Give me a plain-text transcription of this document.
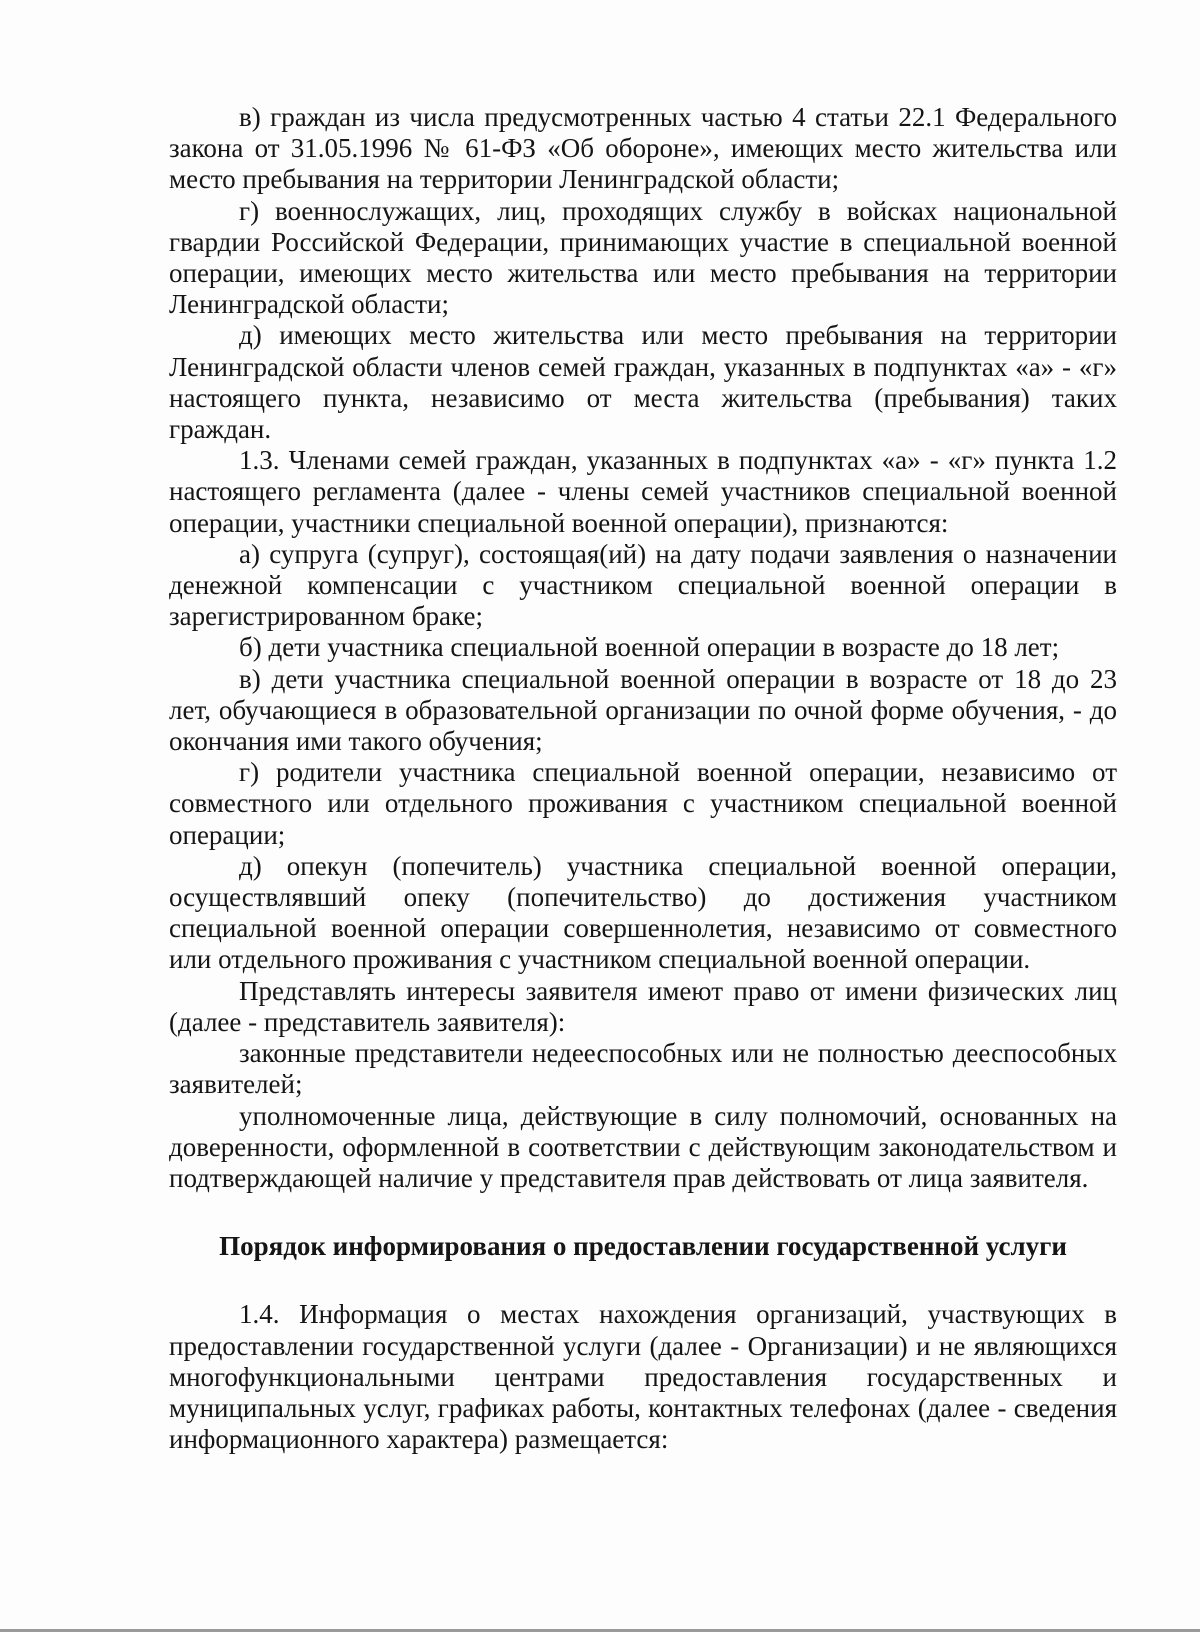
в) граждан из числа предусмотренных частью 4 статьи 22.1 Федерального закона от 31.05.1996 № 61-ФЗ «Об обороне», имеющих место жительства или место пребывания на территории Ленинградской области;

г) военнослужащих, лиц, проходящих службу в войсках национальной гвардии Российской Федерации, принимающих участие в специальной военной операции, имеющих место жительства или место пребывания на территории Ленинградской области;

д) имеющих место жительства или место пребывания на территории Ленинградской области членов семей граждан, указанных в подпунктах «а» - «г» настоящего пункта, независимо от места жительства (пребывания) таких граждан.

1.3. Членами семей граждан, указанных в подпунктах «а» - «г» пункта 1.2 настоящего регламента (далее - члены семей участников специальной военной операции, участники специальной военной операции), признаются:

а) супруга (супруг), состоящая(ий) на дату подачи заявления о назначении денежной компенсации с участником специальной военной операции в зарегистрированном браке;

б) дети участника специальной военной операции в возрасте до 18 лет;

в) дети участника специальной военной операции в возрасте от 18 до 23 лет, обучающиеся в образовательной организации по очной форме обучения, - до окончания ими такого обучения;

г) родители участника специальной военной операции, независимо от совместного или отдельного проживания с участником специальной военной операции;

д) опекун (попечитель) участника специальной военной операции, осуществлявший опеку (попечительство) до достижения участником специальной военной операции совершеннолетия, независимо от совместного или отдельного проживания с участником специальной военной операции.

Представлять интересы заявителя имеют право от имени физических лиц (далее - представитель заявителя):

законные представители недееспособных или не полностью дееспособных заявителей;

уполномоченные лица, действующие в силу полномочий, основанных на доверенности, оформленной в соответствии с действующим законодательством и подтверждающей наличие у представителя прав действовать от лица заявителя.

Порядок информирования о предоставлении государственной услуги

1.4. Информация о местах нахождения организаций, участвующих в предоставлении государственной услуги (далее - Организации) и не являющихся многофункциональными центрами предоставления государственных и муниципальных услуг, графиках работы, контактных телефонах (далее - сведения информационного характера) размещается:
